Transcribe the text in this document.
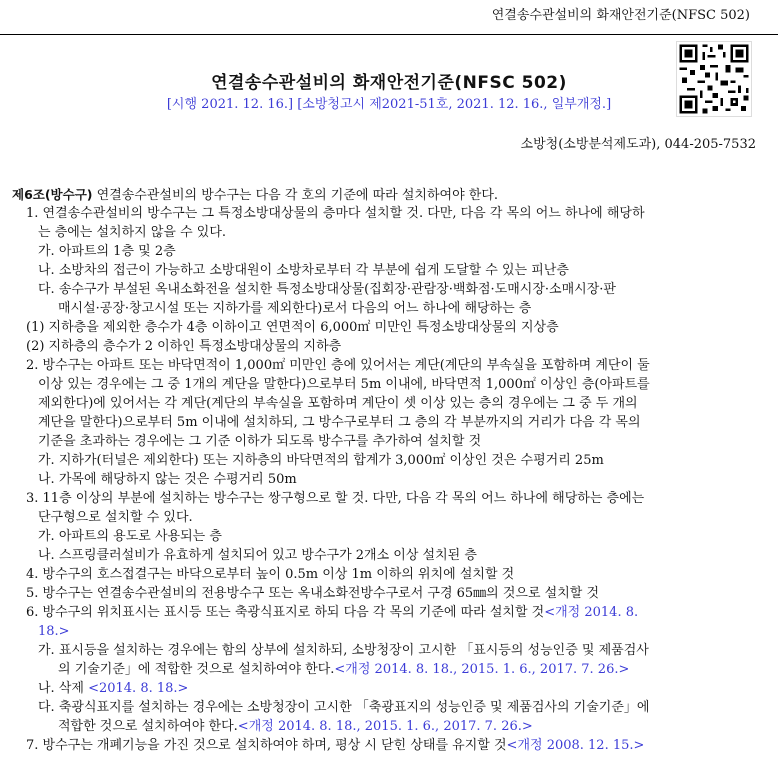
연결송수관설비의 화재안전기준(NFSC 502)
연결송수관설비의 화재안전기준(NFSC 502)
[시행 2021. 12. 16.] [소방청고시 제2021-51호, 2021. 12. 16., 일부개정.]
소방청(소방분석제도과), 044-205-7532
제6조(방수구) 연결송수관설비의 방수구는 다음 각 호의 기준에 따라 설치하여야 한다.
1. 연결송수관설비의 방수구는 그 특정소방대상물의 층마다 설치할 것. 다만, 다음 각 목의 어느 하나에 해당하
는 층에는 설치하지 않을 수 있다.
가. 아파트의 1층 및 2층
나. 소방차의 접근이 가능하고 소방대원이 소방차로부터 각 부분에 쉽게 도달할 수 있는 피난층
다. 송수구가 부설된 옥내소화전을 설치한 특정소방대상물(집회장·관람장·백화점·도매시장·소매시장·판
매시설·공장·창고시설 또는 지하가를 제외한다)로서 다음의 어느 하나에 해당하는 층
(1) 지하층을 제외한 층수가 4층 이하이고 연면적이 6,000㎡ 미만인 특정소방대상물의 지상층
(2) 지하층의 층수가 2 이하인 특정소방대상물의 지하층
2. 방수구는 아파트 또는 바닥면적이 1,000㎡ 미만인 층에 있어서는 계단(계단의 부속실을 포함하며 계단이 둘
이상 있는 경우에는 그 중 1개의 계단을 말한다)으로부터 5m 이내에, 바닥면적 1,000㎡ 이상인 층(아파트를
제외한다)에 있어서는 각 계단(계단의 부속실을 포함하며 계단이 셋 이상 있는 층의 경우에는 그 중 두 개의
계단을 말한다)으로부터 5m 이내에 설치하되, 그 방수구로부터 그 층의 각 부분까지의 거리가 다음 각 목의
기준을 초과하는 경우에는 그 기준 이하가 되도록 방수구를 추가하여 설치할 것
가. 지하가(터널은 제외한다) 또는 지하층의 바닥면적의 합계가 3,000㎡ 이상인 것은 수평거리 25m
나. 가목에 해당하지 않는 것은 수평거리 50m
3. 11층 이상의 부분에 설치하는 방수구는 쌍구형으로 할 것. 다만, 다음 각 목의 어느 하나에 해당하는 층에는
단구형으로 설치할 수 있다.
가. 아파트의 용도로 사용되는 층
나. 스프링클러설비가 유효하게 설치되어 있고 방수구가 2개소 이상 설치된 층
4. 방수구의 호스접결구는 바닥으로부터 높이 0.5m 이상 1m 이하의 위치에 설치할 것
5. 방수구는 연결송수관설비의 전용방수구 또는 옥내소화전방수구로서 구경 65㎜의 것으로 설치할 것
6. 방수구의 위치표시는 표시등 또는 축광식표지로 하되 다음 각 목의 기준에 따라 설치할 것<개정 2014. 8.
18.>
가. 표시등을 설치하는 경우에는 함의 상부에 설치하되, 소방청장이 고시한 「표시등의 성능인증 및 제품검사
의 기술기준」에 적합한 것으로 설치하여야 한다.<개정 2014. 8. 18., 2015. 1. 6., 2017. 7. 26.>
나. 삭제 <2014. 8. 18.>
다. 축광식표지를 설치하는 경우에는 소방청장이 고시한 「축광표지의 성능인증 및 제품검사의 기술기준」에
적합한 것으로 설치하여야 한다.<개정 2014. 8. 18., 2015. 1. 6., 2017. 7. 26.>
7. 방수구는 개폐기능을 가진 것으로 설치하여야 하며, 평상 시 닫힌 상태를 유지할 것<개정 2008. 12. 15.>
